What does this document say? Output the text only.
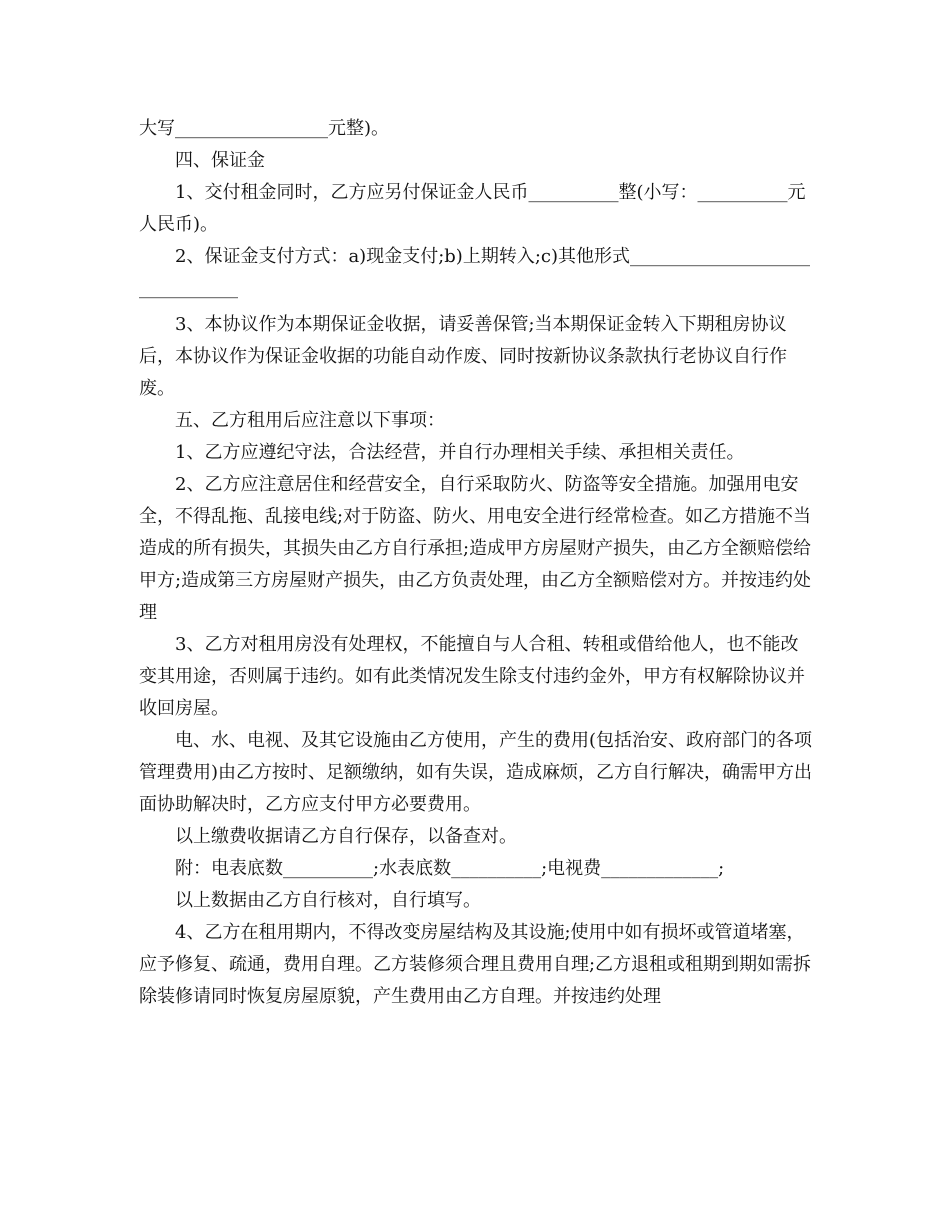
大写_________________元整)。

四、保证金

1、交付租金同时，乙方应另付保证金人民币__________整(小写：__________元人民币)。

2、保证金支付方式：a)现金支付;b)上期转入;c)其他形式_______________________________

3、本协议作为本期保证金收据，请妥善保管;当本期保证金转入下期租房协议后，本协议作为保证金收据的功能自动作废、同时按新协议条款执行老协议自行作废。

五、乙方租用后应注意以下事项：

1、乙方应遵纪守法，合法经营，并自行办理相关手续、承担相关责任。

2、乙方应注意居住和经营安全，自行采取防火、防盗等安全措施。加强用电安全，不得乱拖、乱接电线;对于防盗、防火、用电安全进行经常检查。如乙方措施不当造成的所有损失，其损失由乙方自行承担;造成甲方房屋财产损失，由乙方全额赔偿给甲方;造成第三方房屋财产损失，由乙方负责处理，由乙方全额赔偿对方。并按违约处理

3、乙方对租用房没有处理权，不能擅自与人合租、转租或借给他人，也不能改变其用途，否则属于违约。如有此类情况发生除支付违约金外，甲方有权解除协议并收回房屋。

电、水、电视、及其它设施由乙方使用，产生的费用(包括治安、政府部门的各项管理费用)由乙方按时、足额缴纳，如有失误，造成麻烦，乙方自行解决，确需甲方出面协助解决时，乙方应支付甲方必要费用。

以上缴费收据请乙方自行保存，以备查对。

附：电表底数__________;水表底数__________;电视费_____________;

以上数据由乙方自行核对，自行填写。

4、乙方在租用期内，不得改变房屋结构及其设施;使用中如有损坏或管道堵塞，应予修复、疏通，费用自理。乙方装修须合理且费用自理;乙方退租或租期到期如需拆除装修请同时恢复房屋原貌，产生费用由乙方自理。并按违约处理
